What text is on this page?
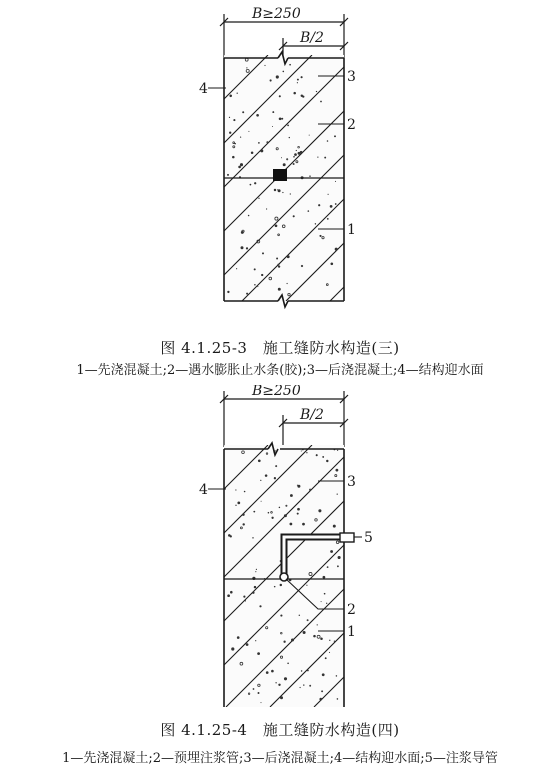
B≥250
B/2
4
3
2
1
图 4.1.25-3　施工缝防水构造(三)
1—先浇混凝土;2—遇水膨胀止水条(胶);3—后浇混凝土;4—结构迎水面
B≥250
B/2
4	3
5
2
1
图 4.1.25-4　施工缝防水构造(四)
1—先浇混凝土;2—预埋注浆管;3—后浇混凝土;4—结构迎水面;5—注浆导管
